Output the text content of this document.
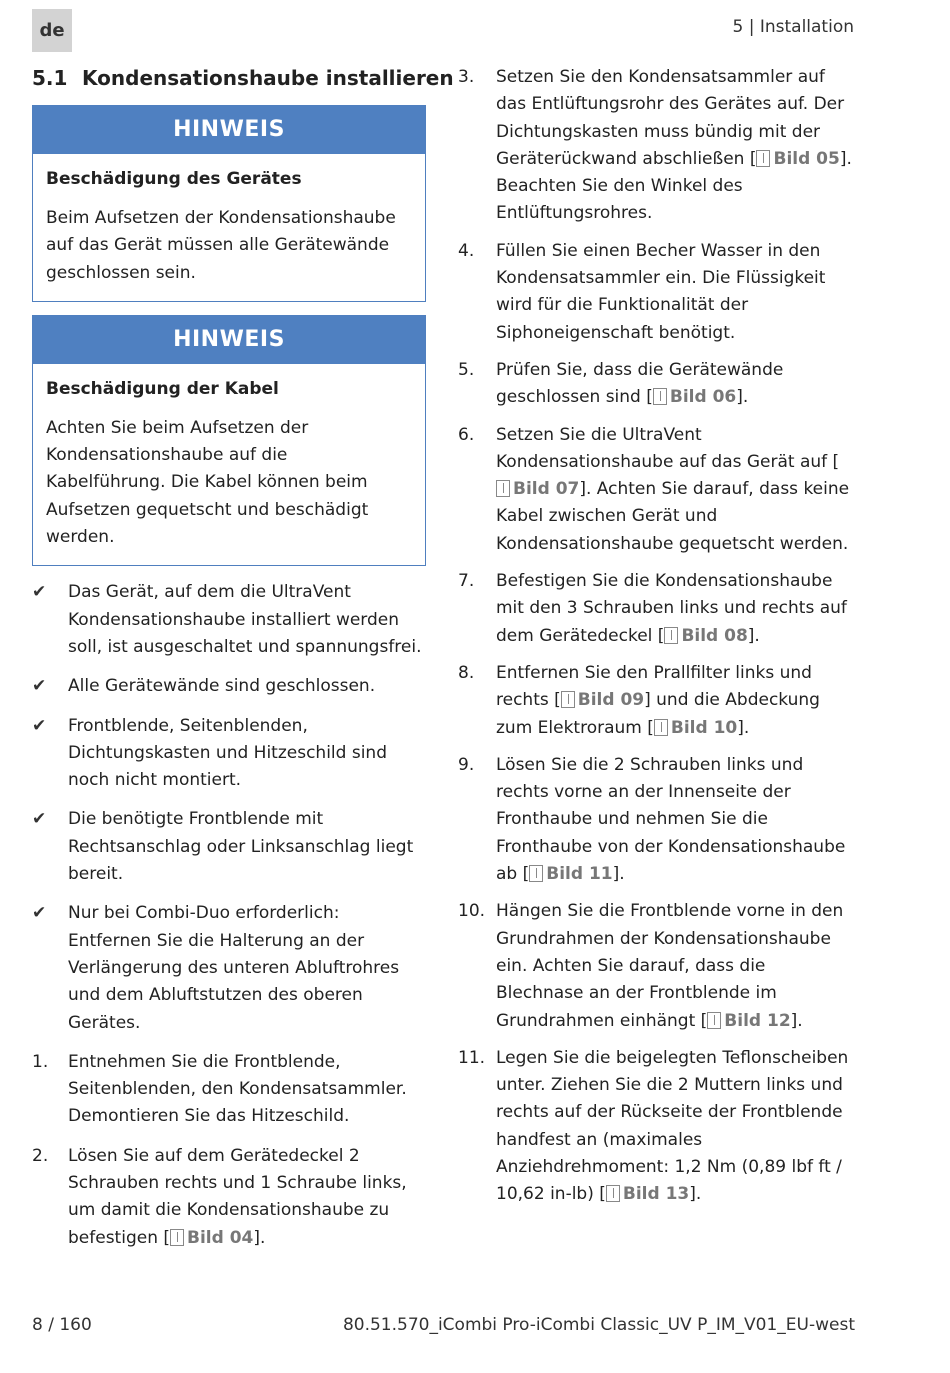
de	5 | Installation
5.1 Kondensationshaube installieren
HINWEIS
Beschädigung des Gerätes
Beim Aufsetzen der Kondensationshaube auf das Gerät müssen alle Gerätewände geschlossen sein.
HINWEIS
Beschädigung der Kabel
Achten Sie beim Aufsetzen der Kondensationshaube auf die Kabelführung. Die Kabel können beim Aufsetzen gequetscht und beschädigt werden.
✔ Das Gerät, auf dem die UltraVent Kondensationshaube installiert werden soll, ist ausgeschaltet und spannungsfrei.
✔ Alle Gerätewände sind geschlossen.
✔ Frontblende, Seitenblenden, Dichtungskasten und Hitzeschild sind noch nicht montiert.
✔ Die benötigte Frontblende mit Rechtsanschlag oder Linksanschlag liegt bereit.
✔ Nur bei Combi-Duo erforderlich: Entfernen Sie die Halterung an der Verlängerung des unteren Abluftrohres und dem Abluftstutzen des oberen Gerätes.
1. Entnehmen Sie die Frontblende, Seitenblenden, den Kondensatsammler. Demontieren Sie das Hitzeschild.
2. Lösen Sie auf dem Gerätedeckel 2 Schrauben rechts und 1 Schraube links, um damit die Kondensationshaube zu befestigen [ Bild 04].
3. Setzen Sie den Kondensatsammler auf das Entlüftungsrohr des Gerätes auf. Der Dichtungskasten muss bündig mit der Geräterückwand abschließen [ Bild 05]. Beachten Sie den Winkel des Entlüftungsrohres.
4. Füllen Sie einen Becher Wasser in den Kondensatsammler ein. Die Flüssigkeit wird für die Funktionalität der Siphoneigenschaft benötigt.
5. Prüfen Sie, dass die Gerätewände geschlossen sind [ Bild 06].
6. Setzen Sie die UltraVent Kondensationshaube auf das Gerät auf [Bild 07]. Achten Sie darauf, dass keine Kabel zwischen Gerät und Kondensationshaube gequetscht werden.
7. Befestigen Sie die Kondensationshaube mit den 3 Schrauben links und rechts auf dem Gerätedeckel [ Bild 08].
8. Entfernen Sie den Prallfilter links und rechts [ Bild 09] und die Abdeckung zum Elektroraum [ Bild 10].
9. Lösen Sie die 2 Schrauben links und rechts vorne an der Innenseite der Fronthaube und nehmen Sie die Fronthaube von der Kondensationshaube ab [ Bild 11].
10. Hängen Sie die Frontblende vorne in den Grundrahmen der Kondensationshaube ein. Achten Sie darauf, dass die Blechnase an der Frontblende im Grundrahmen einhängt [ Bild 12].
11. Legen Sie die beigelegten Teflonscheiben unter. Ziehen Sie die 2 Muttern links und rechts auf der Rückseite der Frontblende handfest an (maximales Anziehdrehmoment: 1,2 Nm (0,89 lbf ft / 10,62 in-lb) [ Bild 13].
8 / 160	80.51.570_iCombi Pro-iCombi Classic_UV P_IM_V01_EU-west
